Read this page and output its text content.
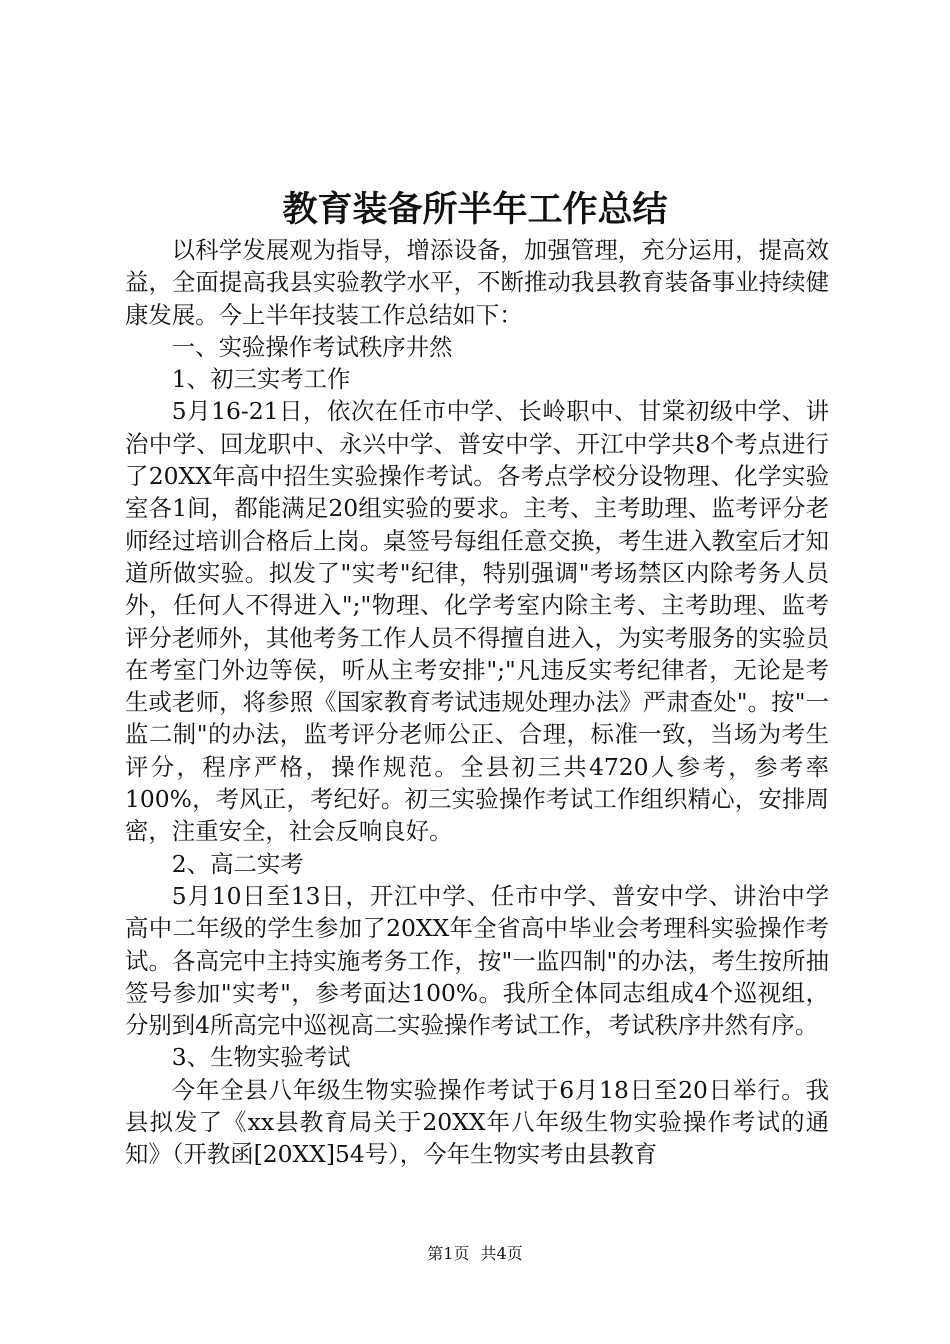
教育装备所半年工作总结

以科学发展观为指导，增添设备，加强管理，充分运用，提高效益，全面提高我县实验教学水平，不断推动我县教育装备事业持续健康发展。今上半年技装工作总结如下：

一、实验操作考试秩序井然

1、初三实考工作

5月16-21日，依次在任市中学、长岭职中、甘棠初级中学、讲治中学、回龙职中、永兴中学、普安中学、开江中学共8个考点进行了20XX年高中招生实验操作考试。各考点学校分设物理、化学实验室各1间，都能满足20组实验的要求。主考、主考助理、监考评分老师经过培训合格后上岗。桌签号每组任意交换，考生进入教室后才知道所做实验。拟发了"实考"纪律，特别强调"考场禁区内除考务人员外，任何人不得进入";"物理、化学考室内除主考、主考助理、监考评分老师外，其他考务工作人员不得擅自进入，为实考服务的实验员在考室门外边等侯，听从主考安排";"凡违反实考纪律者，无论是考生或老师，将参照《国家教育考试违规处理办法》严肃查处"。按"一监二制"的办法，监考评分老师公正、合理，标准一致，当场为考生评分，程序严格，操作规范。全县初三共4720人参考，参考率100%，考风正，考纪好。初三实验操作考试工作组织精心，安排周密，注重安全，社会反响良好。

2、高二实考

5月10日至13日，开江中学、任市中学、普安中学、讲治中学高中二年级的学生参加了20XX年全省高中毕业会考理科实验操作考试。各高完中主持实施考务工作，按"一监四制"的办法，考生按所抽签号参加"实考"，参考面达100%。我所全体同志组成4个巡视组，分别到4所高完中巡视高二实验操作考试工作，考试秩序井然有序。

3、生物实验考试

今年全县八年级生物实验操作考试于6月18日至20日举行。我县拟发了《xx县教育局关于20XX年八年级生物实验操作考试的通知》（开教函[20XX]54号），今年生物实考由县教育

第1页 共4页
